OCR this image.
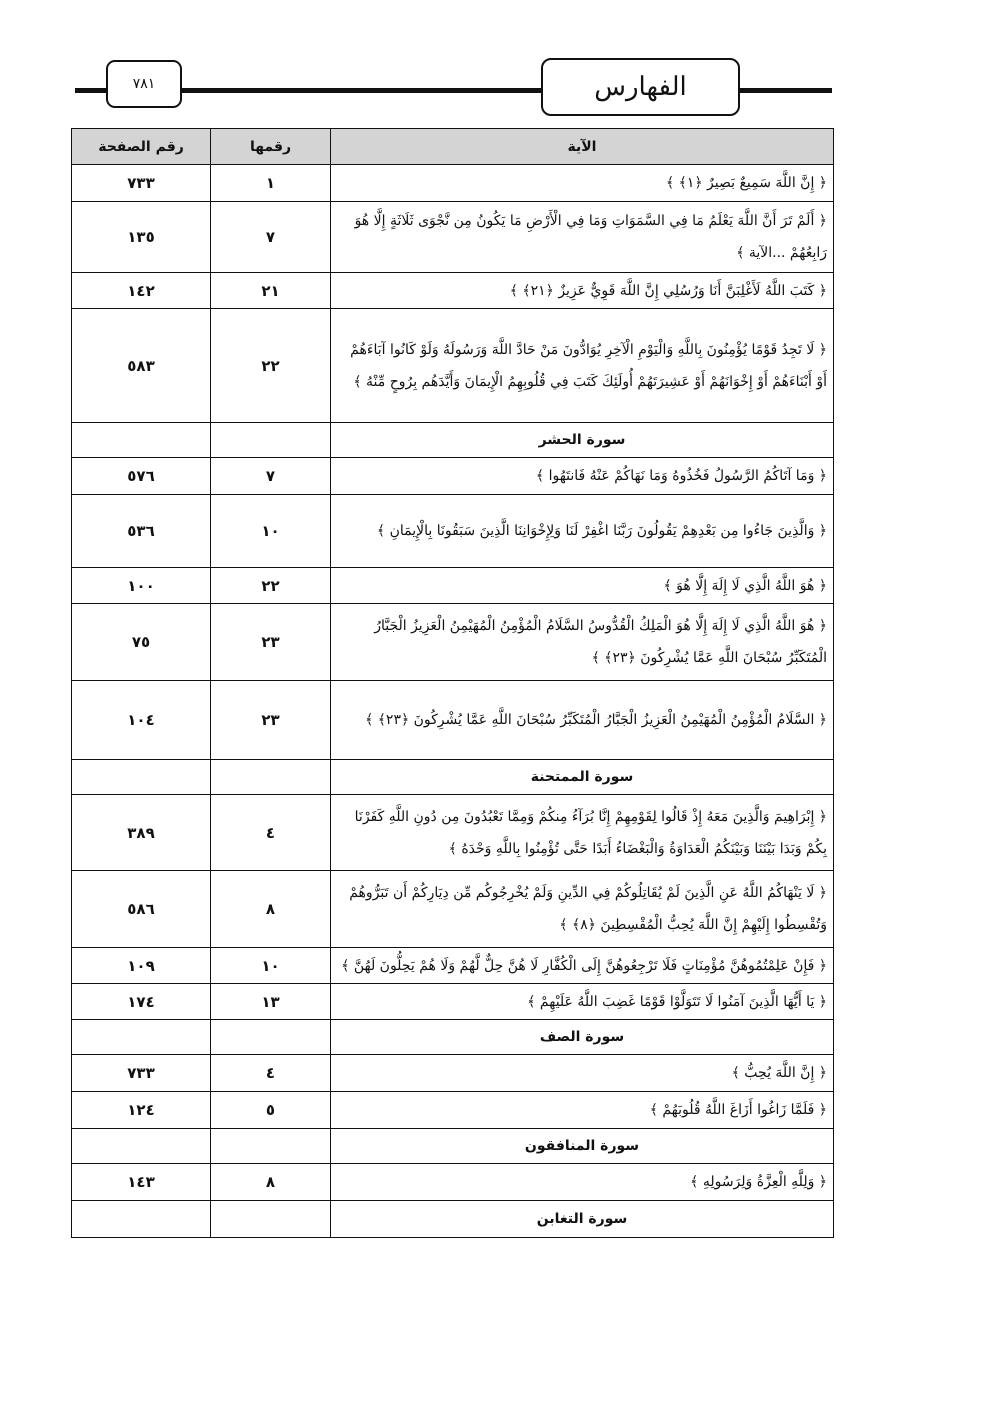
٧٨١	الفهارس
رقم الصفحة	رقمها	الآية
٧٣٣	١	﴿ إِنَّ اللَّهَ سَمِيعٌ بَصِيرٌ ﴿١﴾ ﴾
١٣٥	٧	﴿ أَلَمْ تَرَ أَنَّ اللَّهَ يَعْلَمُ مَا فِي السَّمَوَاتِ وَمَا فِي الْأَرْضِ مَا يَكُونُ مِن نَّجْوَى ثَلَاثَةٍ إِلَّا هُوَ رَابِعُهُمْ ...الآية ﴾
١٤٢	٢١	﴿ كَتَبَ اللَّهُ لَأَغْلِبَنَّ أَنَا وَرُسُلِي إِنَّ اللَّهَ قَوِيٌّ عَزِيزٌ ﴿٢١﴾ ﴾
٥٨٣	٢٢	﴿ لَا تَجِدُ قَوْمًا يُؤْمِنُونَ بِاللَّهِ وَالْيَوْمِ الْآخِرِ يُوَادُّونَ مَنْ حَادَّ اللَّهَ وَرَسُولَهُ وَلَوْ كَانُوا آبَاءَهُمْ أَوْ أَبْنَاءَهُمْ أَوْ إِخْوَانَهُمْ أَوْ عَشِيرَتَهُمْ أُولَئِكَ كَتَبَ فِي قُلُوبِهِمُ الْإِيمَانَ وَأَيَّدَهُم بِرُوحٍ مِّنْهُ ﴾
		سورة الحشر
٥٧٦	٧	﴿ وَمَا آتَاكُمُ الرَّسُولُ فَخُذُوهُ وَمَا نَهَاكُمْ عَنْهُ فَانتَهُوا ﴾
٥٣٦	١٠	﴿ وَالَّذِينَ جَاءُوا مِن بَعْدِهِمْ يَقُولُونَ رَبَّنَا اغْفِرْ لَنَا وَلِإِخْوَانِنَا الَّذِينَ سَبَقُونَا بِالْإِيمَانِ ﴾
١٠٠	٢٢	﴿ هُوَ اللَّهُ الَّذِي لَا إِلَهَ إِلَّا هُوَ ﴾
٧٥	٢٣	﴿ هُوَ اللَّهُ الَّذِي لَا إِلَهَ إِلَّا هُوَ الْمَلِكُ الْقُدُّوسُ السَّلَامُ الْمُؤْمِنُ الْمُهَيْمِنُ الْعَزِيزُ الْجَبَّارُ الْمُتَكَبِّرُ سُبْحَانَ اللَّهِ عَمَّا يُشْرِكُونَ ﴿٢٣﴾ ﴾
١٠٤	٢٣	﴿ السَّلَامُ الْمُؤْمِنُ الْمُهَيْمِنُ الْعَزِيزُ الْجَبَّارُ الْمُتَكَبِّرُ سُبْحَانَ اللَّهِ عَمَّا يُشْرِكُونَ ﴿٢٣﴾ ﴾
		سورة الممتحنة
٣٨٩	٤	﴿ إِبْرَاهِيمَ وَالَّذِينَ مَعَهُ إِذْ قَالُوا لِقَوْمِهِمْ إِنَّا بُرَآءُ مِنكُمْ وَمِمَّا تَعْبُدُونَ مِن دُونِ اللَّهِ كَفَرْنَا بِكُمْ وَبَدَا بَيْنَنَا وَبَيْنَكُمُ الْعَدَاوَةُ وَالْبَغْضَاءُ أَبَدًا حَتَّى تُؤْمِنُوا بِاللَّهِ وَحْدَهُ ﴾
٥٨٦	٨	﴿ لَا يَنْهَاكُمُ اللَّهُ عَنِ الَّذِينَ لَمْ يُقَاتِلُوكُمْ فِي الدِّينِ وَلَمْ يُخْرِجُوكُم مِّن دِيَارِكُمْ أَن تَبَرُّوهُمْ وَتُقْسِطُوا إِلَيْهِمْ إِنَّ اللَّهَ يُحِبُّ الْمُقْسِطِينَ ﴿٨﴾ ﴾
١٠٩	١٠	﴿ فَإِنْ عَلِمْتُمُوهُنَّ مُؤْمِنَاتٍ فَلَا تَرْجِعُوهُنَّ إِلَى الْكُفَّارِ لَا هُنَّ حِلٌّ لَّهُمْ وَلَا هُمْ يَحِلُّونَ لَهُنَّ ﴾
١٧٤	١٣	﴿ يَا أَيُّهَا الَّذِينَ آمَنُوا لَا تَتَوَلَّوْا قَوْمًا غَضِبَ اللَّهُ عَلَيْهِمْ ﴾
		سورة الصف
٧٣٣	٤	﴿ إِنَّ اللَّهَ يُحِبُّ ﴾
١٢٤	٥	﴿ فَلَمَّا زَاغُوا أَزَاغَ اللَّهُ قُلُوبَهُمْ ﴾
		سورة المنافقون
١٤٣	٨	﴿ وَلِلَّهِ الْعِزَّةُ وَلِرَسُولِهِ ﴾
		سورة التغابن
